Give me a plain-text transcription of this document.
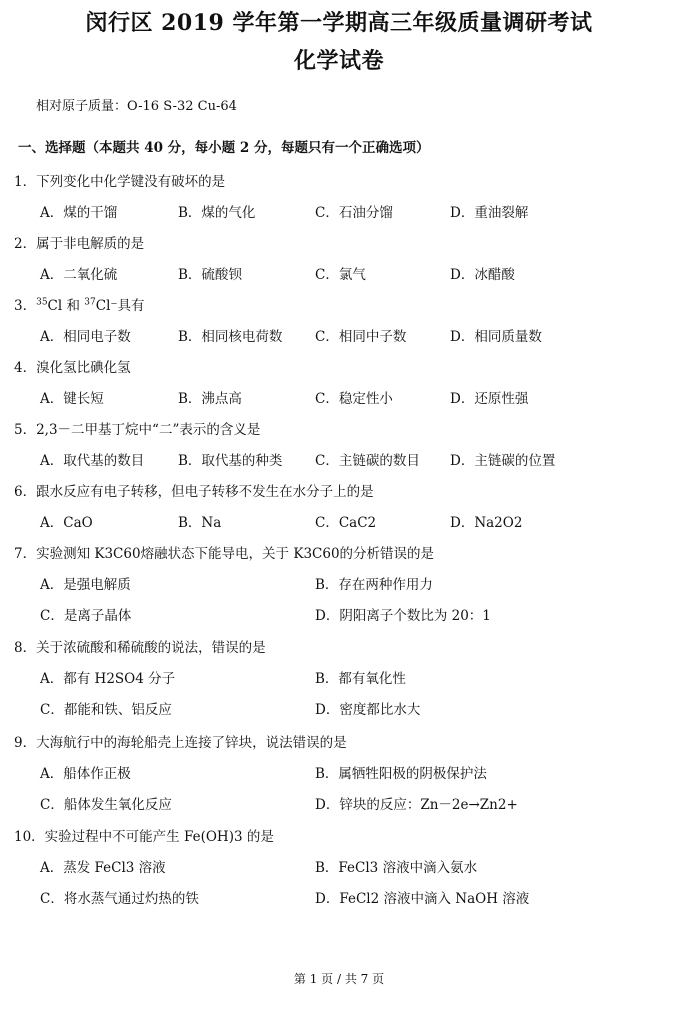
闵行区 2019 学年第一学期高三年级质量调研考试
化学试卷
相对原子质量：O-16 S-32 Cu-64
一、选择题（本题共 40 分，每小题 2 分，每题只有一个正确选项）
1．下列变化中化学键没有破坏的是
A．煤的干馏	B．煤的气化	C．石油分馏	D．重油裂解
2．属于非电解质的是
A．二氧化硫	B．硫酸钡	C．氯气	D．冰醋酸
3．$^{35}$Cl 和 $^{37}$Cl⁻具有
A．相同电子数	B．相同核电荷数 C．相同中子数	D．相同质量数
4．溴化氢比碘化氢
A．键长短	B．沸点高	C．稳定性小	D．还原性强
5．2,3－二甲基丁烷中“二”表示的含义是
A．取代基的数目	B．取代基的种类 C．主链碳的数目 D．主链碳的位置
6．跟水反应有电子转移，但电子转移不发生在水分子上的是
A．CaO	B．Na	C．CaC2	D．Na2O2
7．实验测知 K3C60熔融状态下能导电，关于 K3C60的分析错误的是
A．是强电解质	B．存在两种作用力
C．是离子晶体	D．阴阳离子个数比为 20：1
8．关于浓硫酸和稀硫酸的说法，错误的是
A．都有 H2SO4 分子	B．都有氧化性
C．都能和铁、铝反应	D．密度都比水大
9．大海航行中的海轮船壳上连接了锌块，说法错误的是
A．船体作正极	B．属牺牲阳极的阴极保护法
C．船体发生氧化反应	D．锌块的反应：Zn－2e→Zn2+
10．实验过程中不可能产生 Fe(OH)3 的是
A．蒸发 FeCl3 溶液	B．FeCl3 溶液中滴入氨水
C．将水蒸气通过灼热的铁	D．FeCl2 溶液中滴入 NaOH 溶液
第 1 页 / 共 7 页
